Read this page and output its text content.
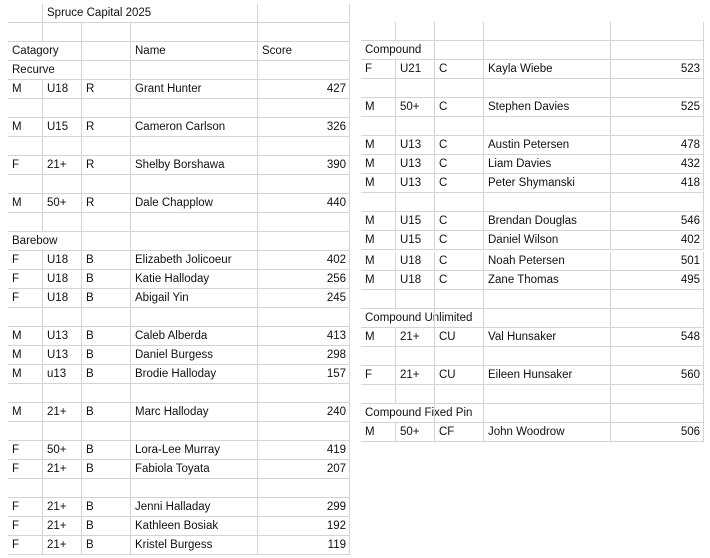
Spruce Capital 2025
Catagory	Name	Score
Recurve
M	U18	R	Grant Hunter	427
M	U15	R	Cameron Carlson	326
F	21+	R	Shelby Borshawa	390
M	50+	R	Dale Chapplow	440
Barebow
F	U18	B	Elizabeth Jolicoeur	402
F	U18	B	Katie Halloday	256
F	U18	B	Abigail Yin	245
M	U13	B	Caleb Alberda	413
M	U13	B	Daniel Burgess	298
M	u13	B	Brodie Halloday	157
M	21+	B	Marc Halloday	240
F	50+	B	Lora-Lee Murray	419
F	21+	B	Fabiola Toyata	207
F	21+	B	Jenni Halladay	299
F	21+	B	Kathleen Bosiak	192
F	21+	B	Kristel Burgess	119
Compound
F	U21	C	Kayla Wiebe	523
M	50+	C	Stephen Davies	525
M	U13	C	Austin Petersen	478
M	U13	C	Liam Davies	432
M	U13	C	Peter Shymanski	418
M	U15	C	Brendan Douglas	546
M	U15	C	Daniel Wilson	402
M	U18	C	Noah Petersen	501
M	U18	C	Zane Thomas	495
Compound Unlimited
M	21+	CU	Val Hunsaker	548
F	21+	CU	Eileen Hunsaker	560
Compound Fixed Pin
M	50+	CF	John Woodrow	506
